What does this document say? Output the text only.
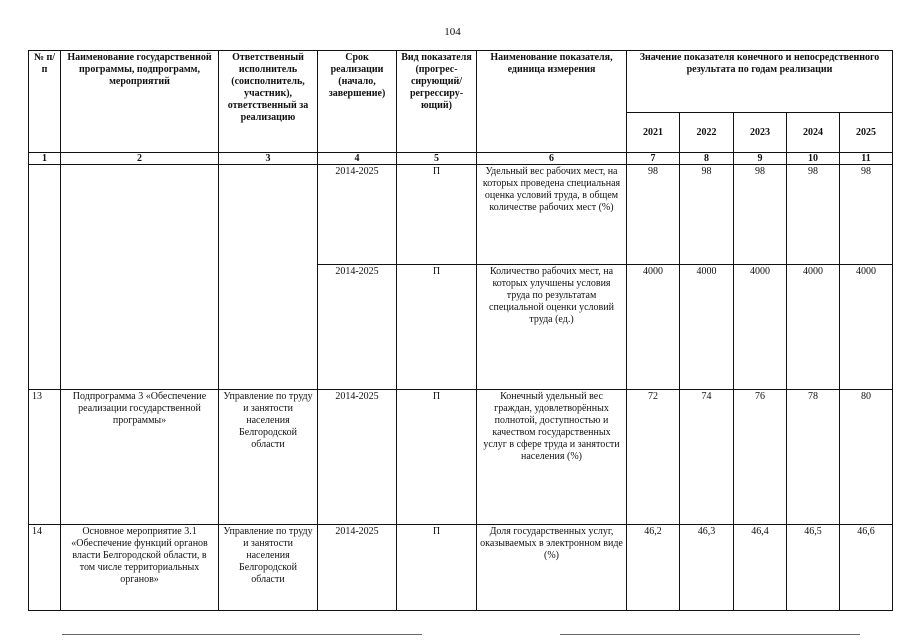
104
№ п/п	Наименование государственной программы, подпрограмм, мероприятий	Ответственный исполнитель (соисполнитель, участник), ответственный за реализацию	Срок реализации (начало, завершение)	Вид показателя (прогрес-сирующий/ регрессиру-ющий)	Наименование показателя, единица измерения	Значение показателя конечного и непосредственного результата по годам реализации				
						2021	2022	2023	2024	2025
1	2	3	4	5	6	7	8	9	10	11
			2014-2025	П	Удельный вес рабочих мест, на которых проведена специальная оценка условий труда, в общем количестве рабочих мест (%)	98	98	98	98	98
			2014-2025	П	Количество рабочих мест, на которых улучшены условия труда по результатам специальной оценки условий труда (ед.)	4000	4000	4000	4000	4000
13	Подпрограмма 3 «Обеспечение реализации государственной программы»	Управление по труду и занятости населения Белгородской области	2014-2025	П	Конечный удельный вес граждан, удовлетворённых полнотой, доступностью и качеством государственных услуг в сфере труда и занятости населения (%)	72	74	76	78	80
14	Основное мероприятие 3.1 «Обеспечение функций органов власти Белгородской области, в том числе территориальных органов»	Управление по труду и занятости населения Белгородской области	2014-2025	П	Доля государственных услуг, оказываемых в электронном виде (%)	46,2	46,3	46,4	46,5	46,6
